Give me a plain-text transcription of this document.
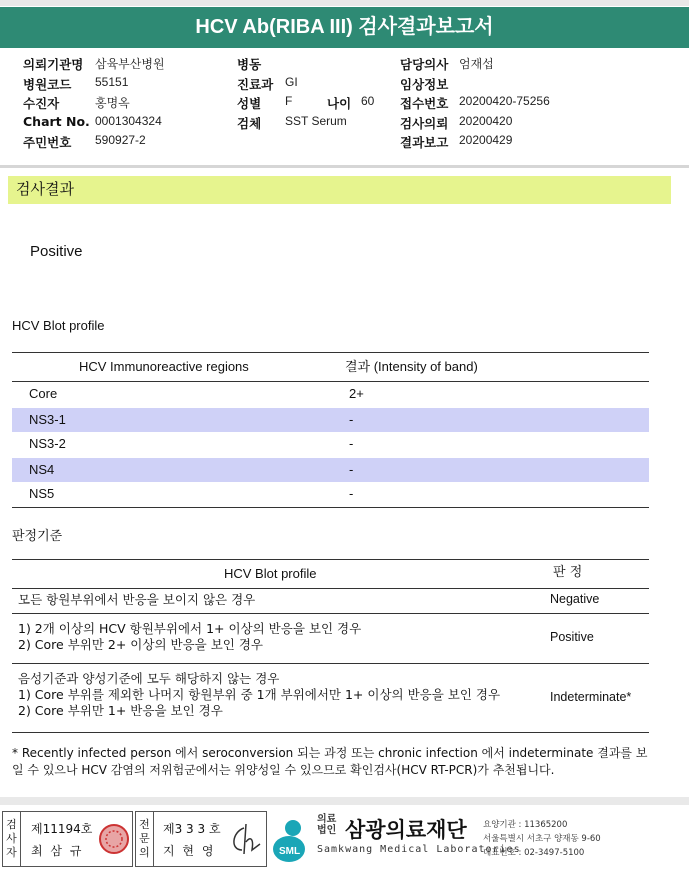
HCV Ab(RIBA III) 검사결과보고서
의뢰기관명 삼육부산병원	병동	담당의사 엄재섭
병원코드 55151	진료과 GI	임상정보
수진자	홍명옥	성별 F	나이 60 접수번호 20200420-75256
Chart No. 0001304324	검체 SST Serum	검사의뢰 20200420
주민번호 590927-2	결과보고 20200429
검사결과
Positive
HCV Blot profile
HCV Immunoreactive regions	결과 (Intensity of band)
Core	2+
NS3-1	-
NS3-2	-
NS4	-
NS5	-
판정기준
HCV Blot profile	판 정
모든 항원부위에서 반응을 보이지 않은 경우	Negative
1) 2개 이상의 HCV 항원부위에서 1+ 이상의 반응을 보인 경우
2) Core 부위만 2+ 이상의 반응을 보인 경우	Positive
음성기준과 양성기준에 모두 해당하지 않는 경우
1) Core 부위를 제외한 나머지 항원부위 중 1개 부위에서만 1+ 이상의 반응을 보인 경우
2) Core 부위만 1+ 반응을 보인 경우
Indeterminate*
* Recently infected person 에서 seroconversion 되는 과정 또는 chronic infection 에서 indeterminate 결과를 보일 수 있으나 HCV 감염의 저위험군에서는 위양성일 수 있으므로 확인검사(HCV RT-PCR)가 추천됩니다.
검사자
제11194호
최 삼 규
전문의
제3 3 3 호
지 현 영	SML
의료법인 삼광의료재단
Samkwang Medical Laboratories
요양기관 : 11365200
서울특별시 서초구 양재동 9-60
대표번호 : 02-3497-5100
